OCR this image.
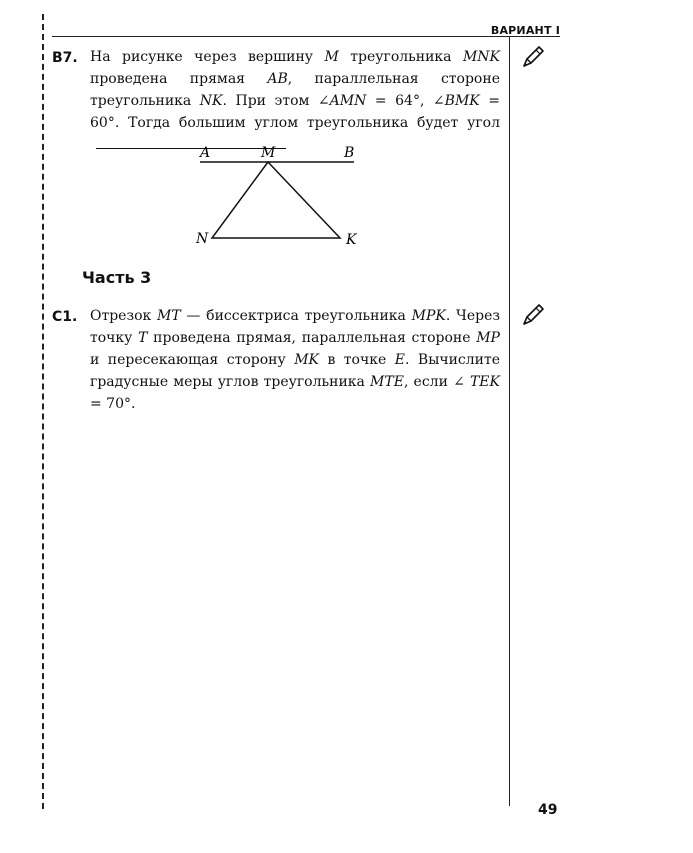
ВАРИАНТ I
В7. На рисунке через вершину M треугольника MNK проведена прямая AB, параллельная стороне треугольника NK. При этом ∠AMN = 64°, ∠BMK = 60°. Тогда большим углом треугольника будет угол
A	M	B
N	K
Часть 3
С1. Отрезок MT — биссектриса треугольника MPK. Через точку T проведена прямая, параллельная стороне MP и пересекающая сторону MK в точке E. Вычислите градусные меры углов треугольника MTE, если ∠ TEK = 70°.
49
